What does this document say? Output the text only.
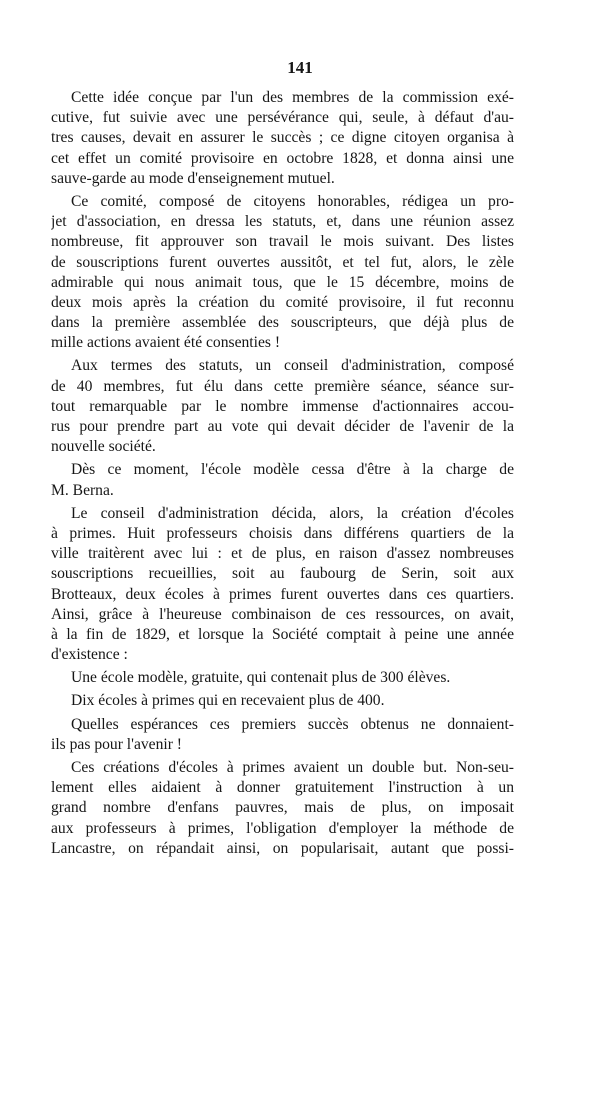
141
Cette idée conçue par l'un des membres de la commission exé-
cutive, fut suivie avec une persévérance qui, seule, à défaut d'au-
tres causes, devait en assurer le succès ; ce digne citoyen organisa à
cet effet un comité provisoire en octobre 1828, et donna ainsi une
sauve-garde au mode d'enseignement mutuel.
Ce comité, composé de citoyens honorables, rédigea un pro-
jet d'association, en dressa les statuts, et, dans une réunion assez
nombreuse, fit approuver son travail le mois suivant. Des listes
de souscriptions furent ouvertes aussitôt, et tel fut, alors, le zèle
admirable qui nous animait tous, que le 15 décembre, moins de
deux mois après la création du comité provisoire, il fut reconnu
dans la première assemblée des souscripteurs, que déjà plus de
mille actions avaient été consenties !
Aux termes des statuts, un conseil d'administration, composé
de 40 membres, fut élu dans cette première séance, séance sur-
tout remarquable par le nombre immense d'actionnaires accou-
rus pour prendre part au vote qui devait décider de l'avenir de la
nouvelle société.
Dès ce moment, l'école modèle cessa d'être à la charge de
M. Berna.
Le conseil d'administration décida, alors, la création d'écoles
à primes. Huit professeurs choisis dans différens quartiers de la
ville traitèrent avec lui : et de plus, en raison d'assez nombreuses
souscriptions recueillies, soit au faubourg de Serin, soit aux
Brotteaux, deux écoles à primes furent ouvertes dans ces quartiers.
Ainsi, grâce à l'heureuse combinaison de ces ressources, on avait,
à la fin de 1829, et lorsque la Société comptait à peine une année
d'existence :
Une école modèle, gratuite, qui contenait plus de 300 élèves.
Dix écoles à primes qui en recevaient plus de 400.
Quelles espérances ces premiers succès obtenus ne donnaient-
ils pas pour l'avenir !
Ces créations d'écoles à primes avaient un double but. Non-seu-
lement elles aidaient à donner gratuitement l'instruction à un
grand nombre d'enfans pauvres, mais de plus, on imposait
aux professeurs à primes, l'obligation d'employer la méthode de
Lancastre, on répandait ainsi, on popularisait, autant que possi-
